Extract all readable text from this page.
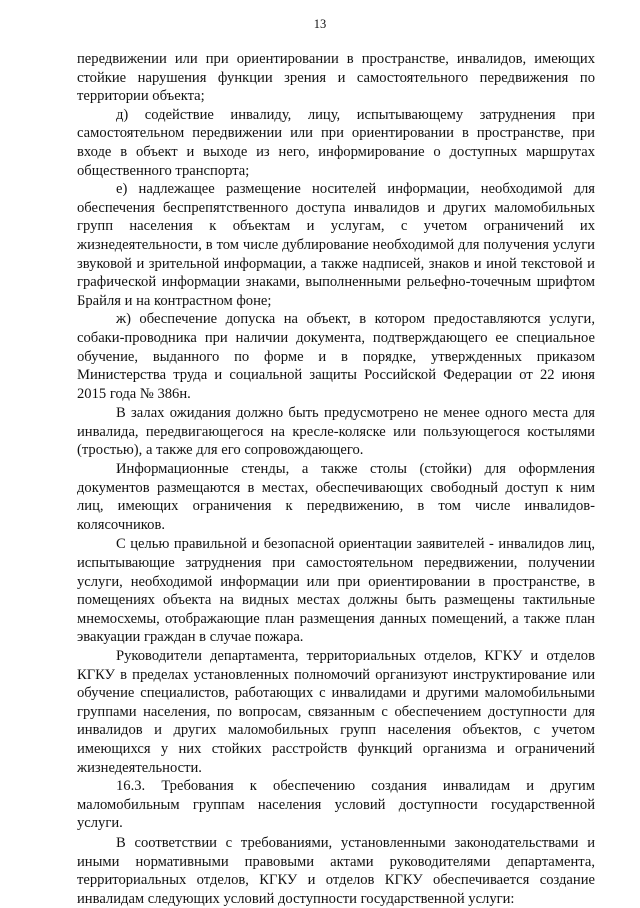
13

передвижении или при ориентировании в пространстве, инвалидов, имеющих стойкие нарушения функции зрения и самостоятельного передвижения по территории объекта;

д) содействие инвалиду, лицу, испытывающему затруднения при самостоятельном передвижении или при ориентировании в пространстве, при входе в объект и выходе из него, информирование о доступных маршрутах общественного транспорта;

е) надлежащее размещение носителей информации, необходимой для обеспечения беспрепятственного доступа инвалидов и других маломобильных групп населения к объектам и услугам, с учетом ограничений их жизнедеятельности, в том числе дублирование необходимой для получения услуги звуковой и зрительной информации, а также надписей, знаков и иной текстовой и графической информации знаками, выполненными рельефно-точечным шрифтом Брайля и на контрастном фоне;

ж) обеспечение допуска на объект, в котором предоставляются услуги, собаки-проводника при наличии документа, подтверждающего ее специальное обучение, выданного по форме и в порядке, утвержденных приказом Министерства труда и социальной защиты Российской Федерации от 22 июня 2015 года № 386н.

В залах ожидания должно быть предусмотрено не менее одного места для инвалида, передвигающегося на кресле-коляске или пользующегося костылями (тростью), а также для его сопровождающего.

Информационные стенды, а также столы (стойки) для оформления документов размещаются в местах, обеспечивающих свободный доступ к ним лиц, имеющих ограничения к передвижению, в том числе инвалидов-колясочников.

С целью правильной и безопасной ориентации заявителей - инвалидов лиц, испытывающие затруднения при самостоятельном передвижении, получении услуги, необходимой информации или при ориентировании в пространстве, в помещениях объекта на видных местах должны быть размещены тактильные мнемосхемы, отображающие план размещения данных помещений, а также план эвакуации граждан в случае пожара.

Руководители департамента, территориальных отделов, КГКУ и отделов КГКУ в пределах установленных полномочий организуют инструктирование или обучение специалистов, работающих с инвалидами и другими маломобильными группами населения, по вопросам, связанным с обеспечением доступности для инвалидов и других маломобильных групп населения объектов, с учетом имеющихся у них стойких расстройств функций организма и ограничений жизнедеятельности.

16.3. Требования к обеспечению создания инвалидам и другим маломобильным группам населения условий доступности государственной услуги.

В соответствии с требованиями, установленными законодательствами и иными нормативными правовыми актами руководителями департамента, территориальных отделов, КГКУ и отделов КГКУ обеспечивается создание инвалидам следующих условий доступности государственной услуги:
